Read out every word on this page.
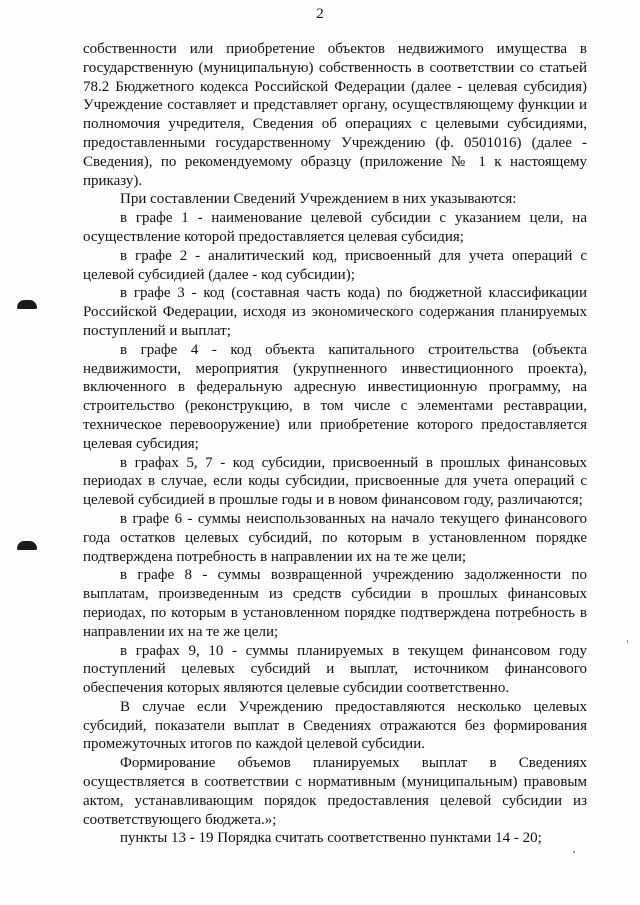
2

собственности или приобретение объектов недвижимого имущества в государственную (муниципальную) собственность в соответствии со статьей 78.2 Бюджетного кодекса Российской Федерации (далее - целевая субсидия) Учреждение составляет и представляет органу, осуществляющему функции и полномочия учредителя, Сведения об операциях с целевыми субсидиями, предоставленными государственному Учреждению (ф. 0501016) (далее - Сведения), по рекомендуемому образцу (приложение № 1 к настоящему приказу).

При составлении Сведений Учреждением в них указываются:

в графе 1 - наименование целевой субсидии с указанием цели, на осуществление которой предоставляется целевая субсидия;

в графе 2 - аналитический код, присвоенный для учета операций с целевой субсидией (далее - код субсидии);

в графе 3 - код (составная часть кода) по бюджетной классификации Российской Федерации, исходя из экономического содержания планируемых поступлений и выплат;

в графе 4 - код объекта капитального строительства (объекта недвижимости, мероприятия (укрупненного инвестиционного проекта), включенного в федеральную адресную инвестиционную программу, на строительство (реконструкцию, в том числе с элементами реставрации, техническое перевооружение) или приобретение которого предоставляется целевая субсидия;

в графах 5, 7 - код субсидии, присвоенный в прошлых финансовых периодах в случае, если коды субсидии, присвоенные для учета операций с целевой субсидией в прошлые годы и в новом финансовом году, различаются;

в графе 6 - суммы неиспользованных на начало текущего финансового года остатков целевых субсидий, по которым в установленном порядке подтверждена потребность в направлении их на те же цели;

в графе 8 - суммы возвращенной учреждению задолженности по выплатам, произведенным из средств субсидии в прошлых финансовых периодах, по которым в установленном порядке подтверждена потребность в направлении их на те же цели;

в графах 9, 10 - суммы планируемых в текущем финансовом году поступлений целевых субсидий и выплат, источником финансового обеспечения которых являются целевые субсидии соответственно.

В случае если Учреждению предоставляются несколько целевых субсидий, показатели выплат в Сведениях отражаются без формирования промежуточных итогов по каждой целевой субсидии.

Формирование объемов планируемых выплат в Сведениях осуществляется в соответствии с нормативным (муниципальным) правовым актом, устанавливающим порядок предоставления целевой субсидии из соответствующего бюджета.»;

пункты 13 - 19 Порядка считать соответственно пунктами 14 - 20;
